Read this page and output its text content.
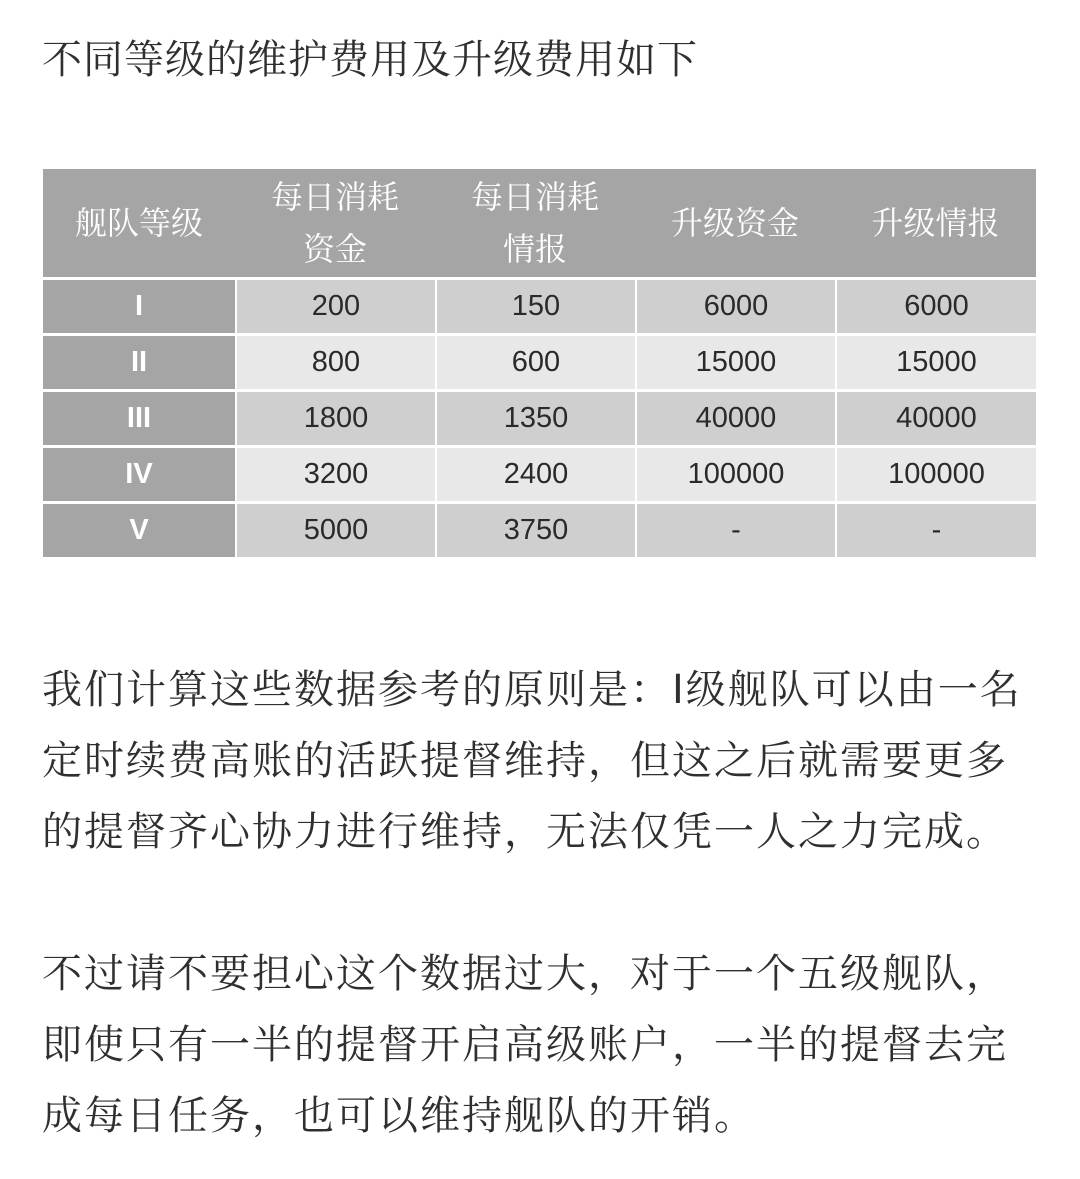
不同等级的维护费用及升级费用如下
舰队等级	每日消耗资金	每日消耗情报	升级资金	升级情报
I	200	150	6000	6000
II	800	600	15000	15000
III	1800	1350	40000	40000
IV	3200	2400	100000	100000
V	5000	3750	-	-

我们计算这些数据参考的原则是：I级舰队可以由一名定时续费高账的活跃提督维持，但这之后就需要更多的提督齐心协力进行维持，无法仅凭一人之力完成。

不过请不要担心这个数据过大，对于一个五级舰队，即使只有一半的提督开启高级账户，一半的提督去完成每日任务，也可以维持舰队的开销。
